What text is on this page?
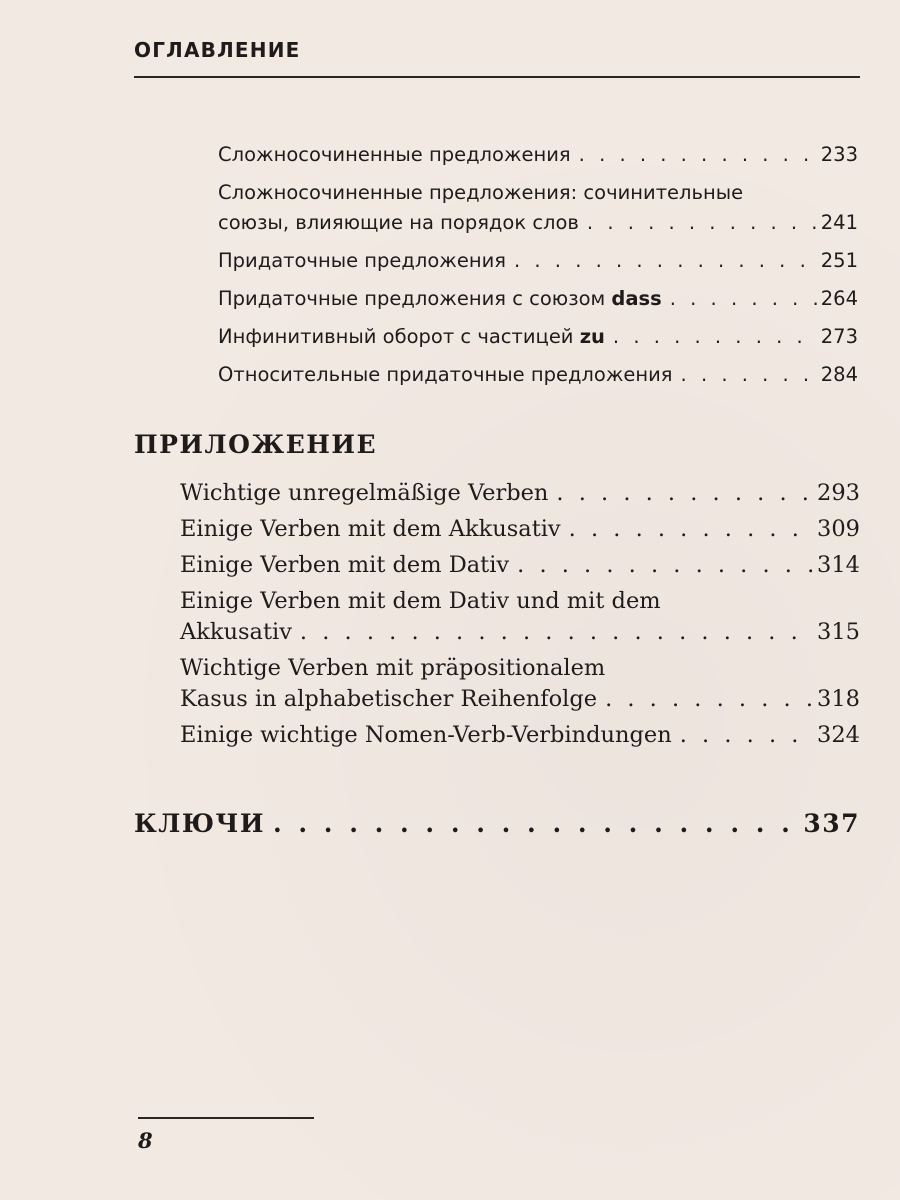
ОГЛАВЛЕНИЕ
Сложносочиненные предложения . . .	233
Сложносочиненные предложения: сочинительные
союзы, влияющие на порядок слов . . .	241
Придаточные предложения . . .	251
Придаточные предложения с союзом dass . . .	264
Инфинитивный оборот с частицей zu . . .	273
Относительные придаточные предложения . . .	284
ПРИЛОЖЕНИЕ
Wichtige unregelmäßige Verben . . .	293
Einige Verben mit dem Akkusativ . . .	309
Einige Verben mit dem Dativ . . .	314
Einige Verben mit dem Dativ und mit dem
Akkusativ . . .	315
Wichtige Verben mit präpositionalem
Kasus in alphabetischer Reihenfolge . . .	318
Einige wichtige Nomen-Verb-Verbindungen . . .	324
КЛЮЧИ . . .	337
8
